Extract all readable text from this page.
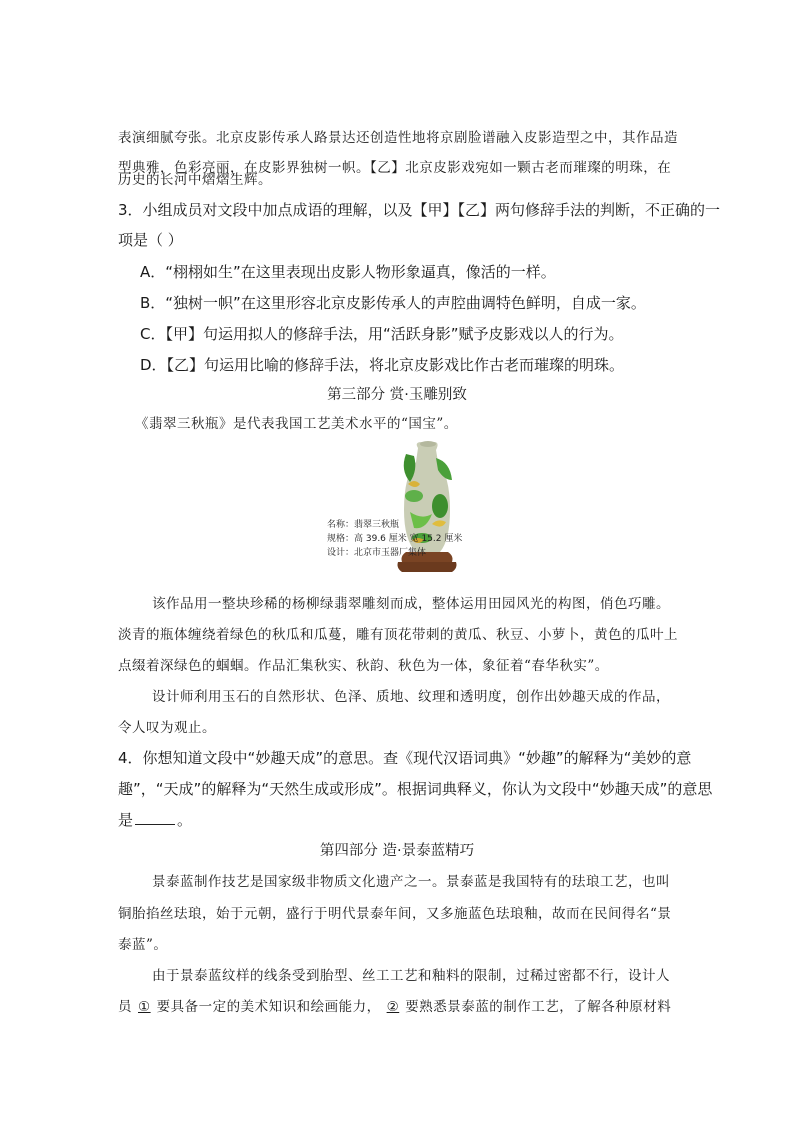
表演细腻夸张。北京皮影传承人路景达还创造性地将京剧脸谱融入皮影造型之中，其作品造
型典雅，色彩亮丽，在皮影界独树一帜。【乙】北京皮影戏宛如一颗古老而璀璨的明珠，在
历史的长河中熠熠生辉。
3．小组成员对文段中加点成语的理解，以及【甲】【乙】两句修辞手法的判断，不正确的一
项是（ ）
A．“栩栩如生”在这里表现出皮影人物形象逼真，像活的一样。
B．“独树一帜”在这里形容北京皮影传承人的声腔曲调特色鲜明，自成一家。
C．【甲】句运用拟人的修辞手法，用“活跃身影”赋予皮影戏以人的行为。
D．【乙】句运用比喻的修辞手法，将北京皮影戏比作古老而璀璨的明珠。
第三部分 赏·玉雕别致
《翡翠三秋瓶》是代表我国工艺美术水平的“国宝”。
名称：翡翠三秋瓶
规格：高 39.6 厘米 宽 15.2 厘米
设计：北京市玉器厂集体
该作品用一整块珍稀的杨柳绿翡翠雕刻而成，整体运用田园风光的构图，俏色巧雕。
淡青的瓶体缠绕着绿色的秋瓜和瓜蔓，雕有顶花带刺的黄瓜、秋豆、小萝卜，黄色的瓜叶上
点缀着深绿色的蝈蝈。作品汇集秋实、秋韵、秋色为一体，象征着“春华秋实”。
设计师利用玉石的自然形状、色泽、质地、纹理和透明度，创作出妙趣天成的作品，
令人叹为观止。
4．你想知道文段中“妙趣天成”的意思。查《现代汉语词典》“妙趣”的解释为“美妙的意
趣”，“天成”的解释为“天然生成或形成”。根据词典释义，你认为文段中“妙趣天成”的意思
是	。
第四部分 造·景泰蓝精巧
景泰蓝制作技艺是国家级非物质文化遗产之一。景泰蓝是我国特有的珐琅工艺，也叫
铜胎掐丝珐琅，始于元朝，盛行于明代景泰年间，又多施蓝色珐琅釉，故而在民间得名“景
泰蓝”。
由于景泰蓝纹样的线条受到胎型、丝工工艺和釉料的限制，过稀过密都不行，设计人
员 ① 要具备一定的美术知识和绘画能力， ② 要熟悉景泰蓝的制作工艺，了解各种原材料
